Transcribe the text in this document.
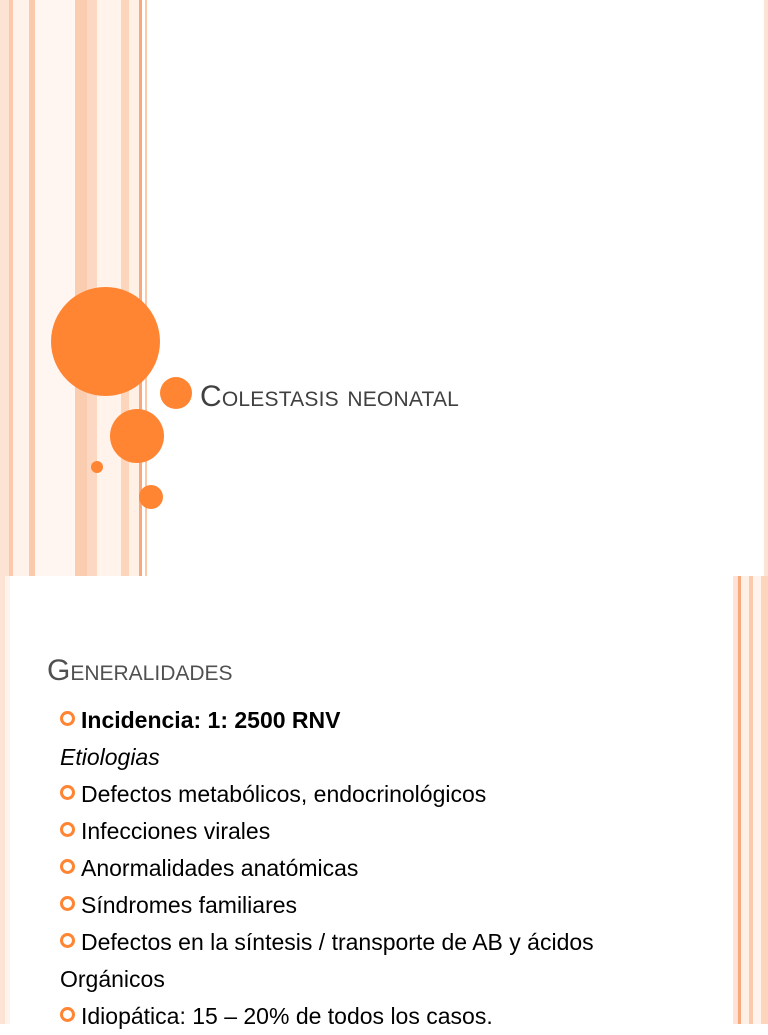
Colestasis neonatal
Generalidades
Incidencia: 1: 2500 RNV
Etiologias
Defectos metabólicos, endocrinológicos
Infecciones virales
Anormalidades anatómicas
Síndromes familiares
Defectos en la síntesis / transporte de AB y ácidos
Orgánicos
Idiopática: 15 – 20% de todos los casos.
